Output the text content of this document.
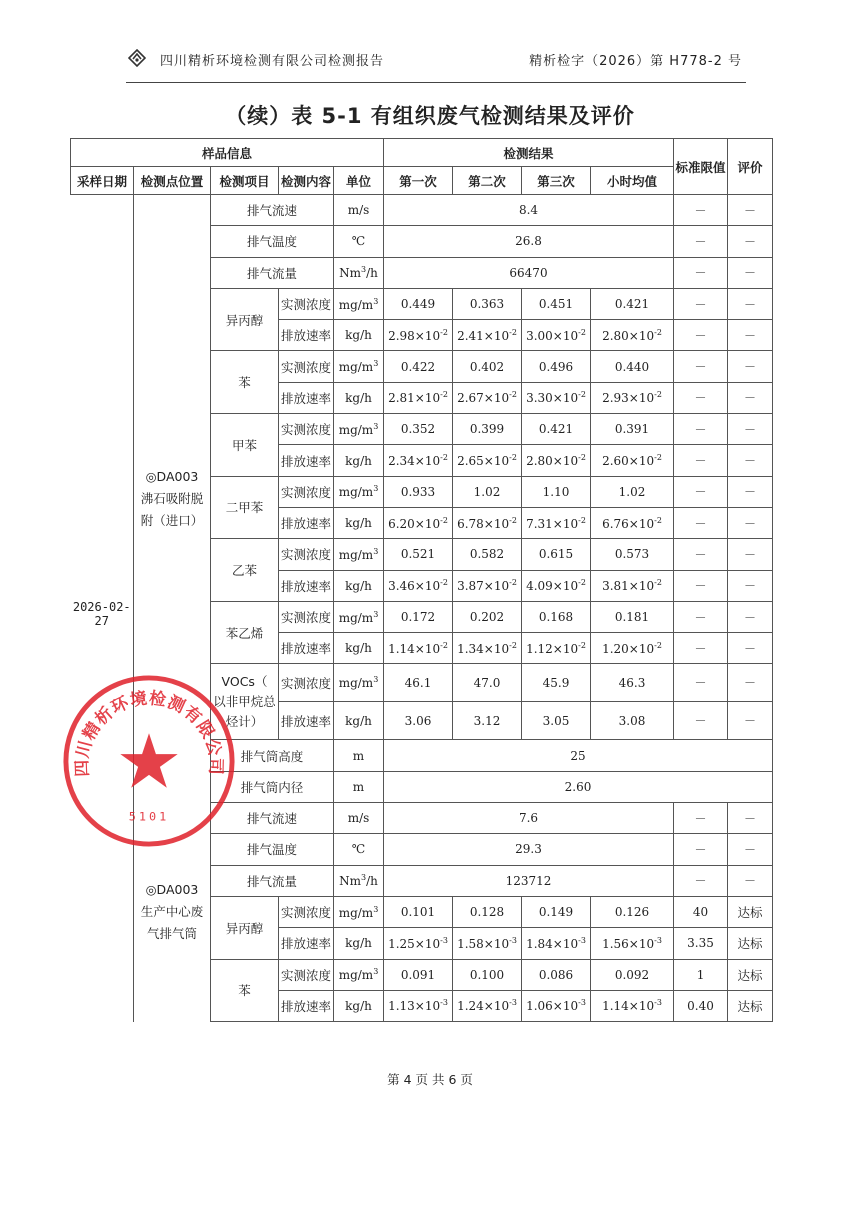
四川精析环境检测有限公司检测报告	精析检字（2026）第 H778-2 号
（续）表 5-1 有组织废气检测结果及评价
样品信息					检测结果				标准限值	评价
采样日期	检测点位置	检测项目	检测内容	单位	第一次	第二次	第三次	小时均值		
2026-02-27	◎DA003
沸石吸附脱
附（进口）	排气流速		m/s	8.4				－	－
		排气温度		℃	26.8				－	－
		排气流量		Nm$^3$/h	66470				－	－
		异丙醇	实测浓度	$mg/m^3$	0.449	0.363	0.451	0.421	－	－
			排放速率	kg/h	$2.98\times 10^{-2}$	$2.41\times 10^{-2}$	$3.00\times 10^{-2}$	$2.80\times 10^{-2}$	－	－
		苯	实测浓度	$mg/m^3$	0.422	0.402	0.496	0.440	－	－
			排放速率	kg/h	$2.81\times 10^{-2}$	$2.67\times 10^{-2}$	$3.30\times 10^{-2}$	$2.93\times 10^{-2}$	－	－
		甲苯	实测浓度	$mg/m^3$	0.352	0.399	0.421	0.391	－	－
			排放速率	kg/h	$2.34\times 10^{-2}$	$2.65\times 10^{-2}$	$2.80\times 10^{-2}$	$2.60\times 10^{-2}$	－	－
		二甲苯	实测浓度	$mg/m^3$	0.933	1.02	1.10	1.02	－	－
			排放速率	kg/h	$6.20\times 10^{-2}$	$6.78\times 10^{-2}$	$7.31\times 10^{-2}$	$6.76\times 10^{-2}$	－	－
		乙苯	实测浓度	$mg/m^3$	0.521	0.582	0.615	0.573	－	－
			排放速率	kg/h	$3.46\times 10^{-2}$	$3.87\times 10^{-2}$	$4.09\times 10^{-2}$	$3.81\times 10^{-2}$	－	－
		苯乙烯	实测浓度	$mg/m^3$	0.172	0.202	0.168	0.181	－	－
			排放速率	kg/h	$1.14\times 10^{-2}$	$1.34\times 10^{-2}$	$1.12\times 10^{-2}$	$1.20\times 10^{-2}$	－	－

		VOCs（
以非甲烷总
烃计）	实测浓度	$mg/m^3$	46.1	47.0	45.9	46.3	－	－
			排放速率	kg/h	3.06	3.12	3.05	3.08	－	－
		排气筒高度		m	25					
		排气筒内径		m	2.60					

	◎DA003
生产中心废
气排气筒	排气流速		m/s	7.6				－	－
		排气温度		℃	29.3				－	－
		排气流量		Nm$^3$/h	123712				－	－
		异丙醇	实测浓度	$mg/m^3$	0.101	0.128	0.149	0.126	40	达标
			排放速率	kg/h	$1.25\times 10^{-3}$	$1.58\times 10^{-3}$	$1.84\times 10^{-3}$	$1.56\times 10^{-3}$	3.35	达标
		苯	实测浓度	$mg/m^3$	0.091	0.100	0.086	0.092	1	达标
			排放速率	kg/h	$1.13\times 10^{-3}$	$1.24\times 10^{-3}$	$1.06\times 10^{-3}$	$1.14\times 10^{-3}$	0.40	达标
四川精析环境检测有限公司
5101
第 4 页 共 6 页
